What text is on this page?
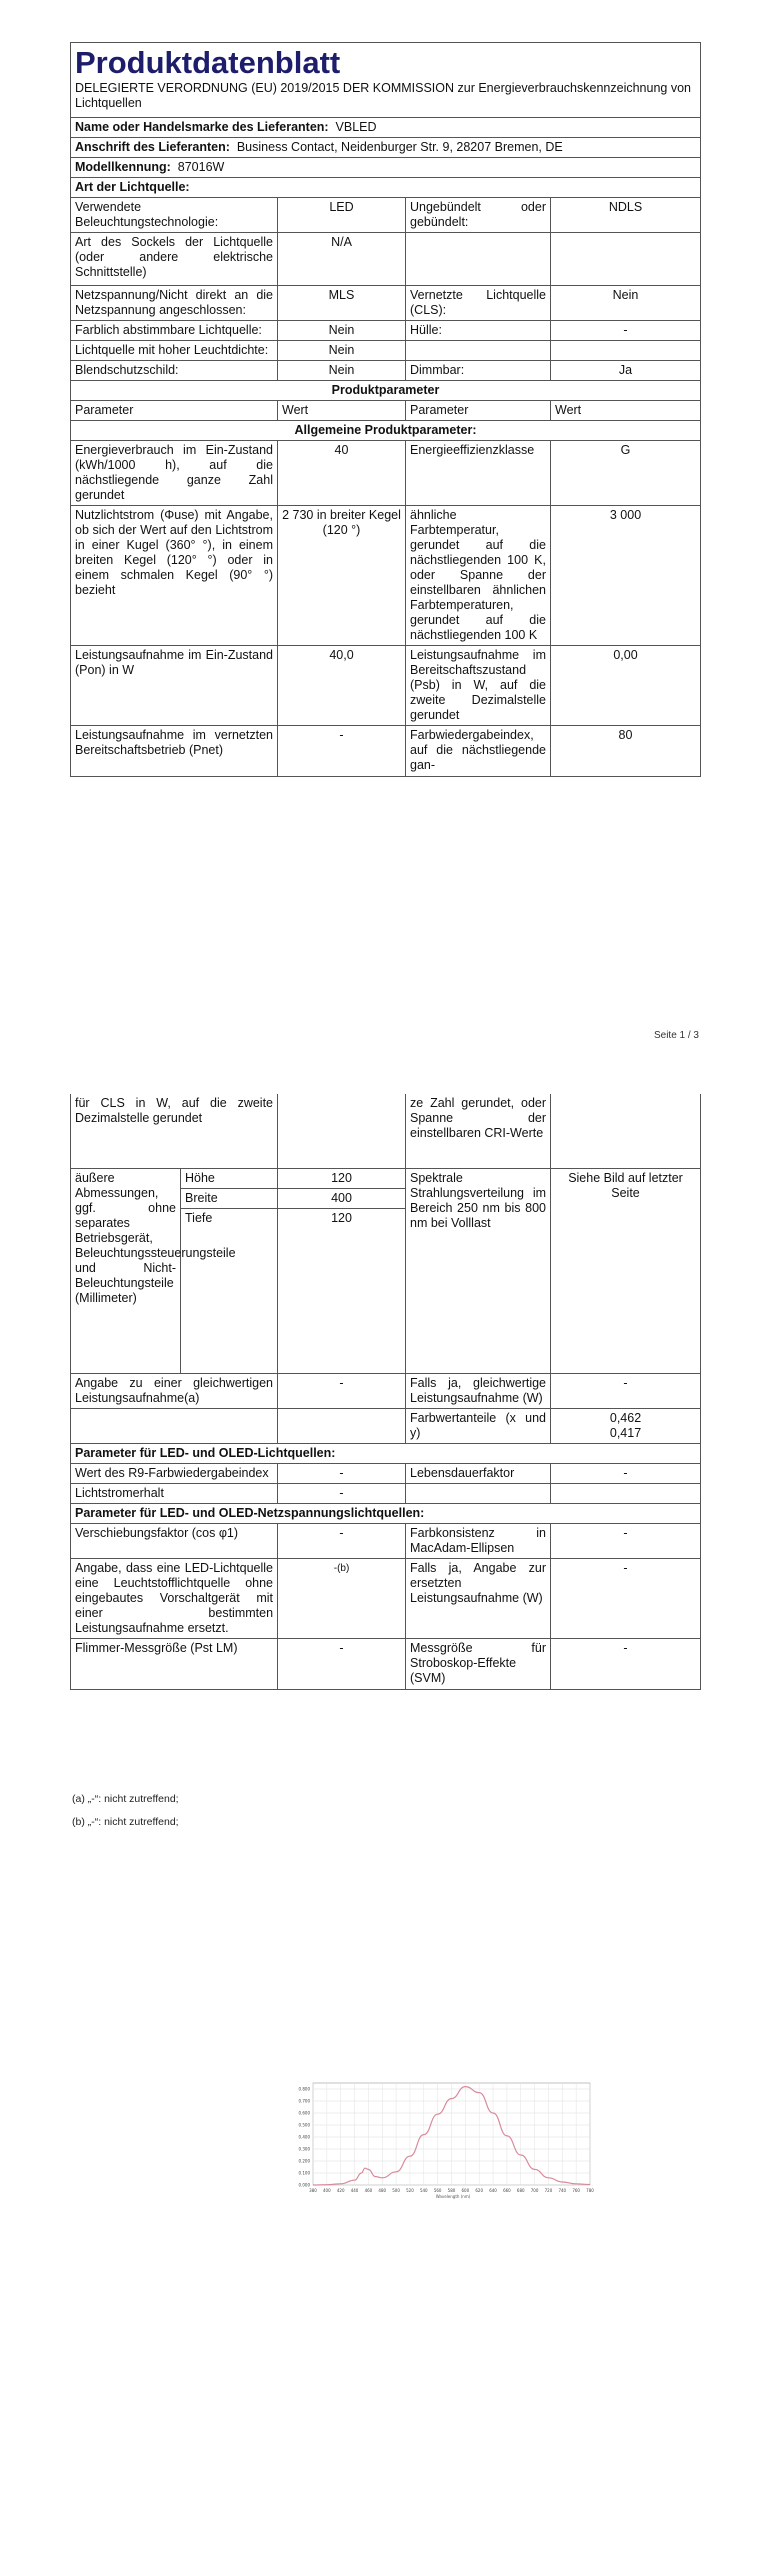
Produktdatenblatt
DELEGIERTE VERORDNUNG (EU) 2019/2015 DER KOMMISSION zur Energieverbrauchskennzeichnung von Lichtquellen			

Name oder Handelsmarke des Lieferanten: VBLED			
Anschrift des Lieferanten: Business Contact, Neidenburger Str. 9, 28207 Bremen, DE			
Modellkennung: 87016W			
Art der Lichtquelle:			
Verwendete Beleuchtungstechnologie:	LED	Ungebündelt oder gebündelt:	NDLS
Art des Sockels der Lichtquelle (oder andere elektrische Schnittstelle)	N/A		
Netzspannung/Nicht direkt an die Netzspannung angeschlossen:	MLS	Vernetzte Lichtquelle (CLS):	Nein
Farblich abstimmbare Lichtquelle:	Nein	Hülle:	-
Lichtquelle mit hoher Leuchtdichte:	Nein		
Blendschutzschild:	Nein	Dimmbar:	Ja
Produktparameter			
Parameter	Wert	Parameter	Wert
Allgemeine Produktparameter:			
Energieverbrauch im Ein-Zustand (kWh/1000 h), auf die nächstliegende ganze Zahl gerundet	40	Energieeffizienzklasse	G
Nutzlichtstrom (Φuse) mit Angabe, ob sich der Wert auf den Lichtstrom in einer Kugel (360° °), in einem breiten Kegel (120° °) oder in einem schmalen Kegel (90° °) bezieht	2 730 in breiter Kegel (120 °)	ähnliche Farbtemperatur, gerundet auf die nächstliegenden 100 K, oder Spanne der einstellbaren ähnlichen Farbtemperaturen, gerundet auf die nächstliegenden 100 K	3 000
Leistungsaufnahme im Ein-Zustand (Pon) in W	40,0	Leistungsaufnahme im Bereitschaftszustand (Psb) in W, auf die zweite Dezimalstelle gerundet	0,00
Leistungsaufnahme im vernetzten Bereitschaftsbetrieb (Pnet)	-	Farbwiedergabeindex, auf die nächstliegende gan-	80
Seite 1 / 3
für CLS in W, auf die zweite Dezimalstelle gerundet			ze Zahl gerundet, oder Spanne der einstellbaren CRI-Werte	
äußere Abmessungen, ggf. ohne separates Betriebsgerät, Beleuchtungssteuerungsteile und Nicht-Beleuchtungsteile (Millimeter)	Höhe	120	Spektrale Strahlungsverteilung im Bereich 250 nm bis 800 nm bei Volllast	Siehe Bild auf letzter Seite
	Breite	400		
	Tiefe	120		
Angabe zu einer gleichwertigen Leistungsaufnahme(a)		-	Falls ja, gleichwertige Leistungsaufnahme (W)	-
			Farbwertanteile (x und y)	0,462
0,417
Parameter für LED- und OLED-Lichtquellen:				
Wert des R9-Farbwiedergabeindex		-	Lebensdauerfaktor	-
Lichtstromerhalt		-		
Parameter für LED- und OLED-Netzspannungslichtquellen:				
Verschiebungsfaktor (cos φ1)		-	Farbkonsistenz in MacAdam-Ellipsen	-
Angabe, dass eine LED-Lichtquelle eine Leuchtstofflichtquelle ohne eingebautes Vorschaltgerät mit einer bestimmten Leistungsaufnahme ersetzt.		-(b)	Falls ja, Angabe zur ersetzten Leistungsaufnahme (W)	-
Flimmer-Messgröße (Pst LM)		-	Messgröße für Stroboskop-Effekte (SVM)	-
(a) „-“: nicht zutreffend;
(b) „-“: nicht zutreffend;
0.000
0.100
0.200
0.300
0.400
0.500
0.600
0.700
0.800
380 400 420 440 460 480 500 520 540 560 580 600 620 640 660 680 700 720 740 760 780
Wavelength (nm)
